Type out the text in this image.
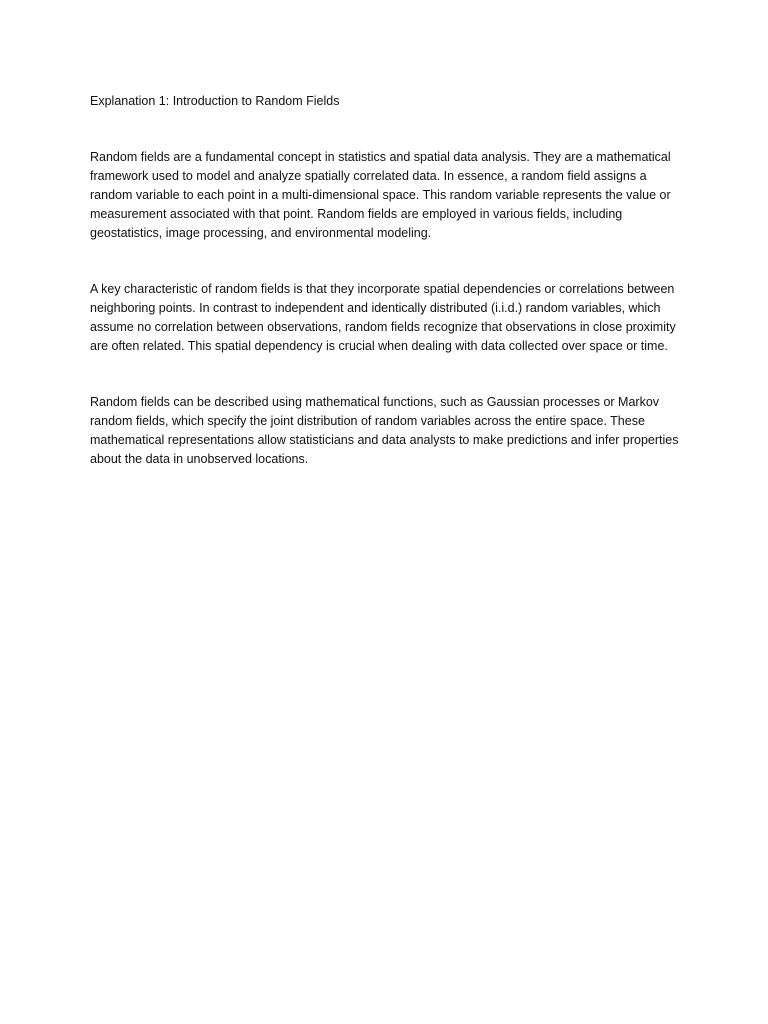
Explanation 1: Introduction to Random Fields

Random fields are a fundamental concept in statistics and spatial data analysis. They are a mathematical framework used to model and analyze spatially correlated data. In essence, a random field assigns a random variable to each point in a multi-dimensional space. This random variable represents the value or measurement associated with that point. Random fields are employed in various fields, including geostatistics, image processing, and environmental modeling.

A key characteristic of random fields is that they incorporate spatial dependencies or correlations between neighboring points. In contrast to independent and identically distributed (i.i.d.) random variables, which assume no correlation between observations, random fields recognize that observations in close proximity are often related. This spatial dependency is crucial when dealing with data collected over space or time.

Random fields can be described using mathematical functions, such as Gaussian processes or Markov random fields, which specify the joint distribution of random variables across the entire space. These mathematical representations allow statisticians and data analysts to make predictions and infer properties about the data in unobserved locations.
